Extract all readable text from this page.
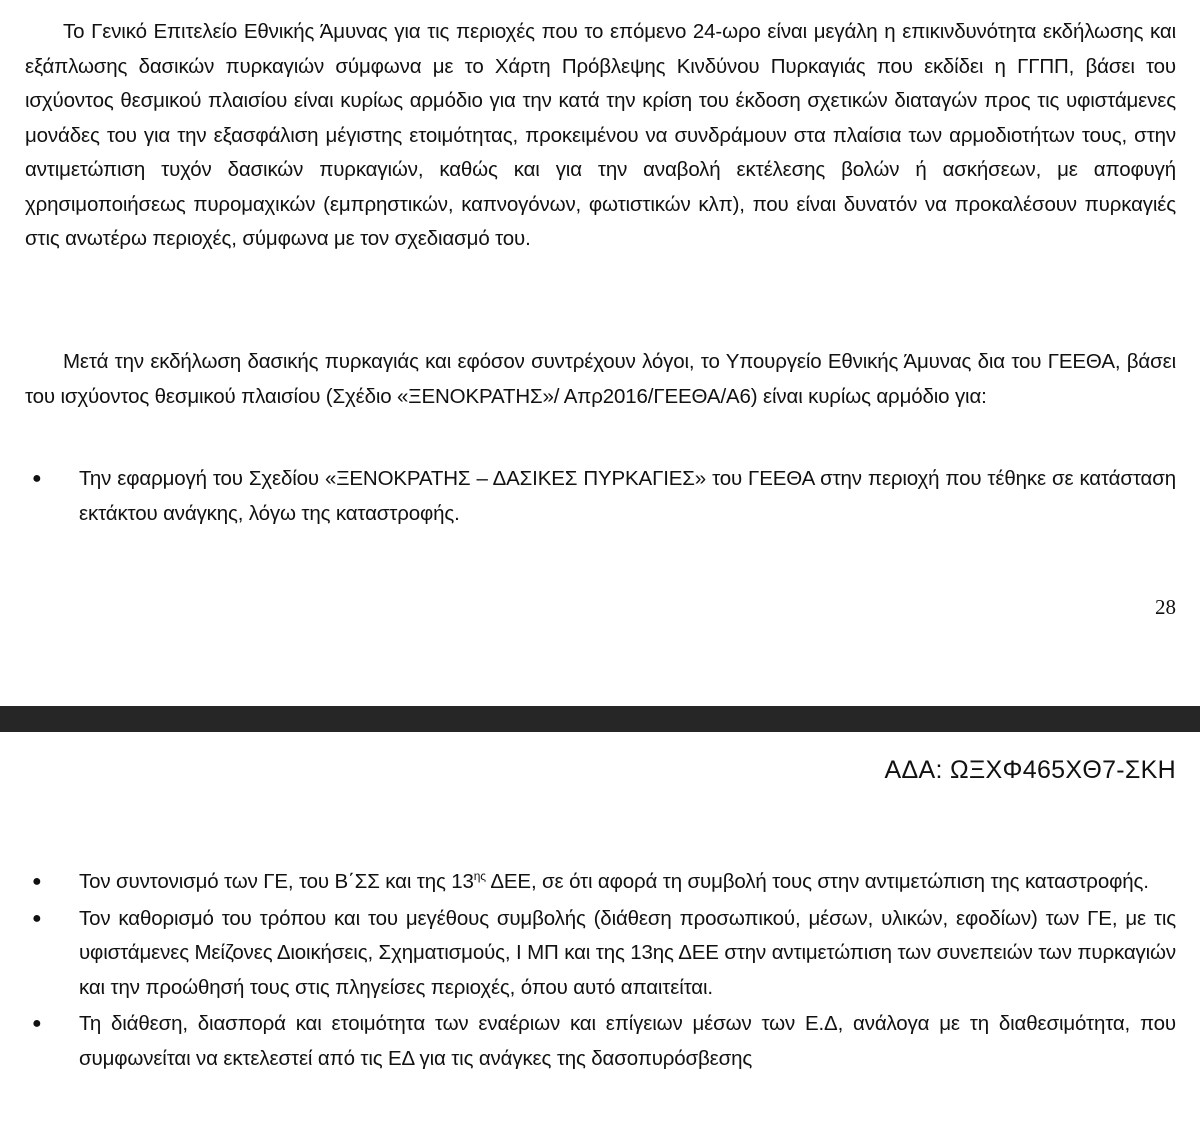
Το Γενικό Επιτελείο Εθνικής Άμυνας για τις περιοχές που το επόμενο 24-ωρο είναι μεγάλη η επικινδυνότητα εκδήλωσης και εξάπλωσης δασικών πυρκαγιών σύμφωνα με το Χάρτη Πρόβλεψης Κινδύνου Πυρκαγιάς που εκδίδει η ΓΓΠΠ, βάσει του ισχύοντος θεσμικού πλαισίου είναι κυρίως αρμόδιο για την κατά την κρίση του έκδοση σχετικών διαταγών προς τις υφιστάμενες μονάδες του για την εξασφάλιση μέγιστης ετοιμότητας, προκειμένου να συνδράμουν στα πλαίσια των αρμοδιοτήτων τους, στην αντιμετώπιση τυχόν δασικών πυρκαγιών, καθώς και για την αναβολή εκτέλεσης βολών ή ασκήσεων, με αποφυγή χρησιμοποιήσεως πυρομαχικών (εμπρηστικών, καπνογόνων, φωτιστικών κλπ), που είναι δυνατόν να προκαλέσουν πυρκαγιές στις ανωτέρω περιοχές, σύμφωνα με τον σχεδιασμό του.

Μετά την εκδήλωση δασικής πυρκαγιάς και εφόσον συντρέχουν λόγοι, το Υπουργείο Εθνικής Άμυνας δια του ΓΕΕΘΑ, βάσει του ισχύοντος θεσμικού πλαισίου (Σχέδιο «ΞΕΝΟΚΡΑΤΗΣ»/ Απρ2016/ΓΕΕΘΑ/Α6) είναι κυρίως αρμόδιο για:

● Την εφαρμογή του Σχεδίου «ΞΕΝΟΚΡΑΤΗΣ – ΔΑΣΙΚΕΣ ΠΥΡΚΑΓΙΕΣ» του ΓΕΕΘΑ στην περιοχή που τέθηκε σε κατάσταση εκτάκτου ανάγκης, λόγω της καταστροφής.
28
ΑΔΑ: ΩΞΧΦ465ΧΘ7-ΣΚΗ
● Τον συντονισμό των ΓΕ, του Β΄ΣΣ και της $13^{\eta\varsigma}$ ΔΕΕ, σε ότι αφορά τη συμβολή τους στην αντιμετώπιση της καταστροφής.
● Τον καθορισμό του τρόπου και του μεγέθους συμβολής (διάθεση προσωπικού, μέσων, υλικών, εφοδίων) των ΓΕ, με τις υφιστάμενες Μείζονες Διοικήσεις, Σχηματισμούς, Ι ΜΠ και της 13ης ΔΕΕ στην αντιμετώπιση των συνεπειών των πυρκαγιών και την προώθησή τους στις πληγείσες περιοχές, όπου αυτό απαιτείται.
● Τη διάθεση, διασπορά και ετοιμότητα των εναέριων και επίγειων μέσων των Ε.Δ, ανάλογα με τη διαθεσιμότητα, που συμφωνείται να εκτελεστεί από τις ΕΔ για τις ανάγκες της δασοπυρόσβεσης
